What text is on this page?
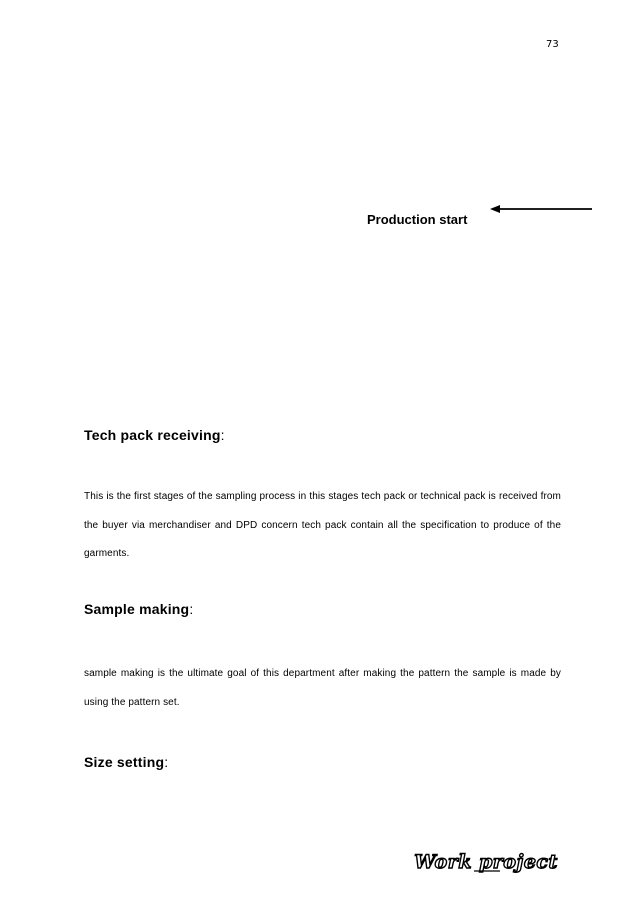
73
Production start
Tech pack receiving:
This is the first stages of the sampling process in this stages tech pack or technical pack is received from the buyer via merchandiser and DPD concern tech pack contain all the specification to produce of the garments.
Sample making:
sample making is the ultimate goal of this department after making the pattern the sample is made by using the pattern set.
Size setting:
Work project
